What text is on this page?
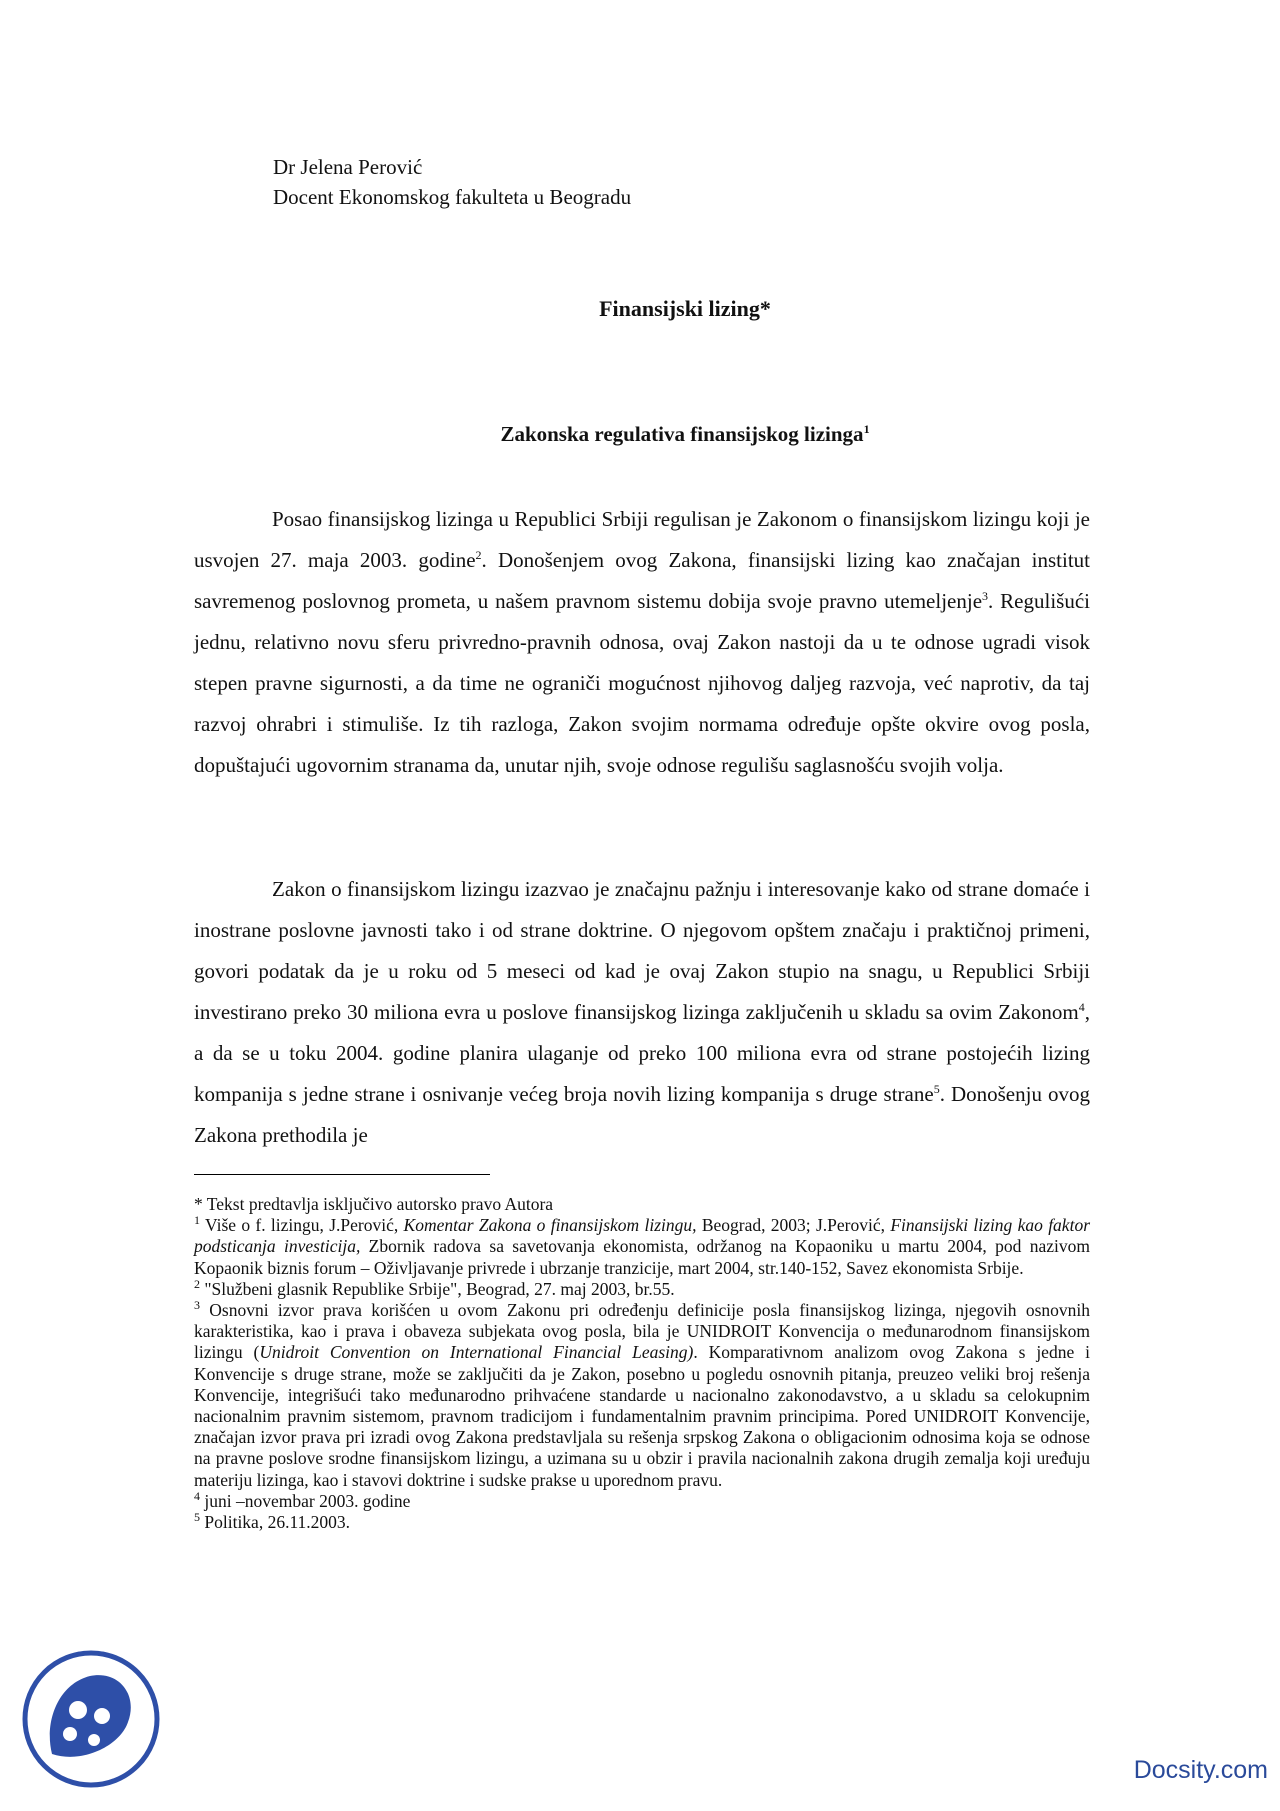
Dr Jelena Perović
Docent Ekonomskog fakulteta u Beogradu
Finansijski lizing*
Zakonska regulativa finansijskog lizinga$^1$
Posao finansijskog lizinga u Republici Srbiji regulisan je Zakonom o finansijskom lizingu koji je usvojen 27. maja 2003. godine$^2$. Donošenjem ovog Zakona, finansijski lizing kao značajan institut savremenog poslovnog prometa, u našem pravnom sistemu dobija svoje pravno utemeljenje$^3$. Regulišući jednu, relativno novu sferu privredno-pravnih odnosa, ovaj Zakon nastoji da u te odnose ugradi visok stepen pravne sigurnosti, a da time ne ograniči mogućnost njihovog daljeg razvoja, već naprotiv, da taj razvoj ohrabri i stimuliše. Iz tih razloga, Zakon svojim normama određuje opšte okvire ovog posla, dopuštajući ugovornim stranama da, unutar njih, svoje odnose regulišu saglasnošću svojih volja.
Zakon o finansijskom lizingu izazvao je značajnu pažnju i interesovanje kako od strane domaće i inostrane poslovne javnosti tako i od strane doktrine. O njegovom opštem značaju i praktičnoj primeni, govori podatak da je u roku od 5 meseci od kad je ovaj Zakon stupio na snagu, u Republici Srbiji investirano preko 30 miliona evra u poslove finansijskog lizinga zaključenih u skladu sa ovim Zakonom$^4$, a da se u toku 2004. godine planira ulaganje od preko 100 miliona evra od strane postojećih lizing kompanija s jedne strane i osnivanje većeg broja novih lizing kompanija s druge strane$^5$. Donošenju ovog Zakona prethodila je

* Tekst predtavlja isključivo autorsko pravo Autora

$^1$ Više o f. lizingu, J.Perović, Komentar Zakona o finansijskom lizingu, Beograd, 2003; J.Perović, Finansijski lizing kao faktor podsticanja investicija, Zbornik radova sa savetovanja ekonomista, održanog na Kopaoniku u martu 2004, pod nazivom Kopaonik biznis forum – Oživljavanje privrede i ubrzanje tranzicije, mart 2004, str.140-152, Savez ekonomista Srbije.

$^2$ "Službeni glasnik Republike Srbije", Beograd, 27. maj 2003, br.55.

$^3$ Osnovni izvor prava korišćen u ovom Zakonu pri određenju definicije posla finansijskog lizinga, njegovih osnovnih karakteristika, kao i prava i obaveza subjekata ovog posla, bila je UNIDROIT Konvencija o međunarodnom finansijskom lizingu (Unidroit Convention on International Financial Leasing). Komparativnom analizom ovog Zakona s jedne i Konvencije s druge strane, može se zaključiti da je Zakon, posebno u pogledu osnovnih pitanja, preuzeo veliki broj rešenja Konvencije, integrišući tako međunarodno prihvaćene standarde u nacionalno zakonodavstvo, a u skladu sa celokupnim nacionalnim pravnim sistemom, pravnom tradicijom i fundamentalnim pravnim principima. Pored UNIDROIT Konvencije, značajan izvor prava pri izradi ovog Zakona predstavljala su rešenja srpskog Zakona o obligacionim odnosima koja se odnose na pravne poslove srodne finansijskom lizingu, a uzimana su u obzir i pravila nacionalnih zakona drugih zemalja koji uređuju materiju lizinga, kao i stavovi doktrine i sudske prakse u uporednom pravu.

$^4$ juni –novembar 2003. godine

$^5$ Politika, 26.11.2003.

Docsity.com
